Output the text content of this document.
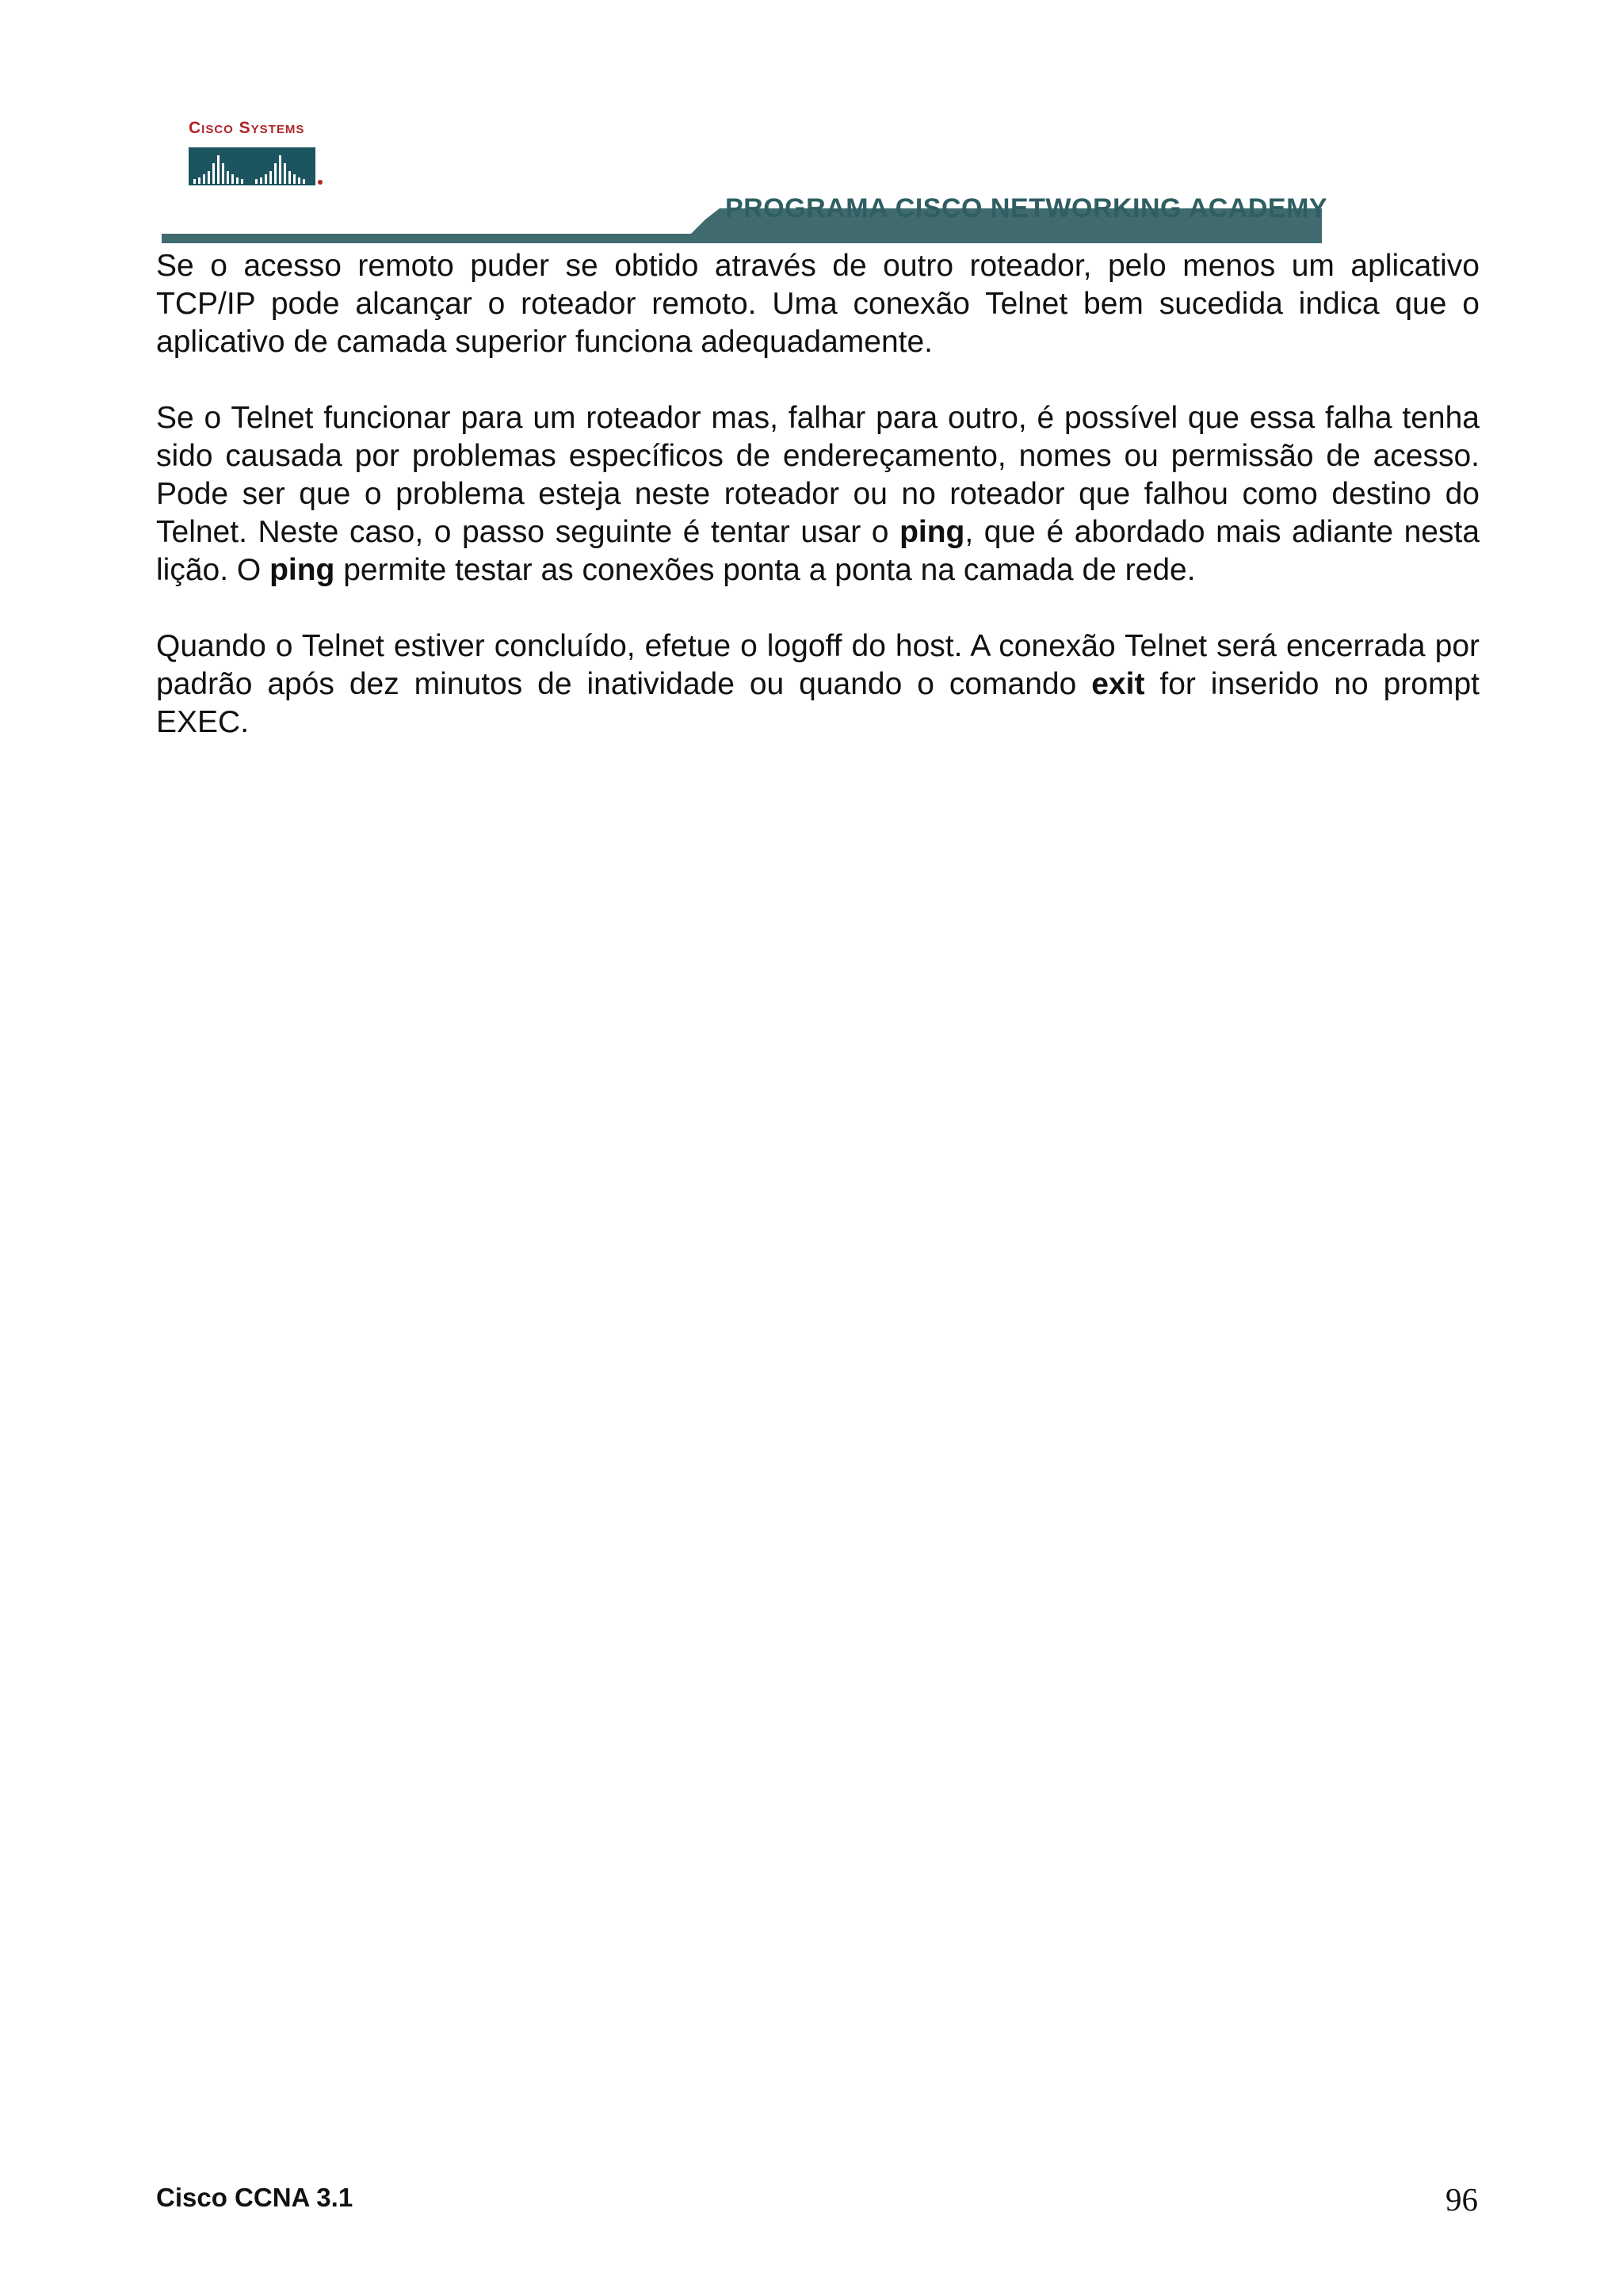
Cisco Systems
PROGRAMA CISCO NETWORKING ACADEMY

Se o acesso remoto puder se obtido através de outro roteador, pelo menos um aplicativo TCP/IP pode alcançar o roteador remoto. Uma conexão Telnet bem sucedida indica que o aplicativo de camada superior funciona adequadamente.

Se o Telnet funcionar para um roteador mas, falhar para outro, é possível que essa falha tenha sido causada por problemas específicos de endereçamento, nomes ou permissão de acesso. Pode ser que o problema esteja neste roteador ou no roteador que falhou como destino do Telnet. Neste caso, o passo seguinte é tentar usar o ping, que é abordado mais adiante nesta lição. O ping permite testar as conexões ponta a ponta na camada de rede.

Quando o Telnet estiver concluído, efetue o logoff do host. A conexão Telnet será encerrada por padrão após dez minutos de inatividade ou quando o comando exit for inserido no prompt EXEC.

Cisco CCNA 3.1	96
